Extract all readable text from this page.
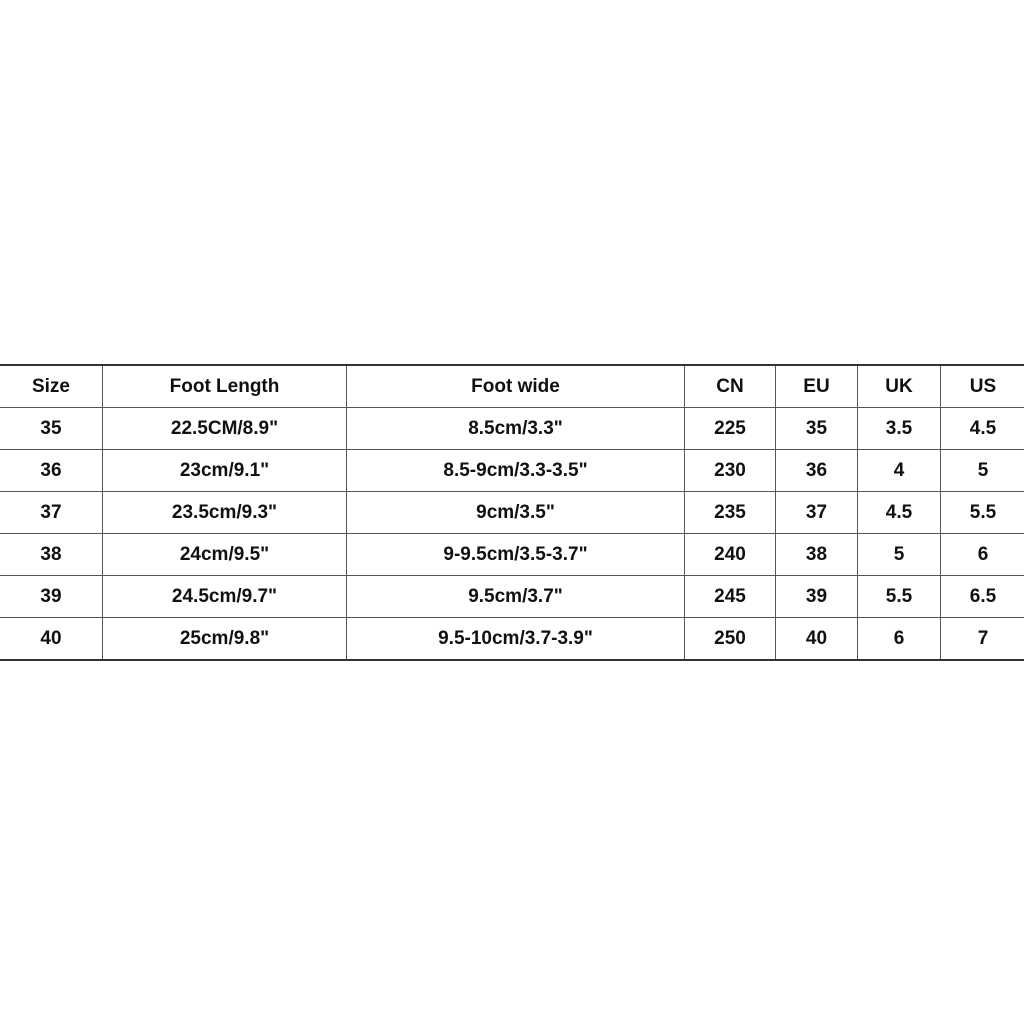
Size	Foot Length	Foot wide	CN	EU	UK	US
35	22.5CM/8.9"	8.5cm/3.3"	225	35	3.5	4.5
36	23cm/9.1"	8.5-9cm/3.3-3.5"	230	36	4	5
37	23.5cm/9.3"	9cm/3.5"	235	37	4.5	5.5
38	24cm/9.5"	9-9.5cm/3.5-3.7"	240	38	5	6
39	24.5cm/9.7"	9.5cm/3.7"	245	39	5.5	6.5
40	25cm/9.8"	9.5-10cm/3.7-3.9"	250	40	6	7
